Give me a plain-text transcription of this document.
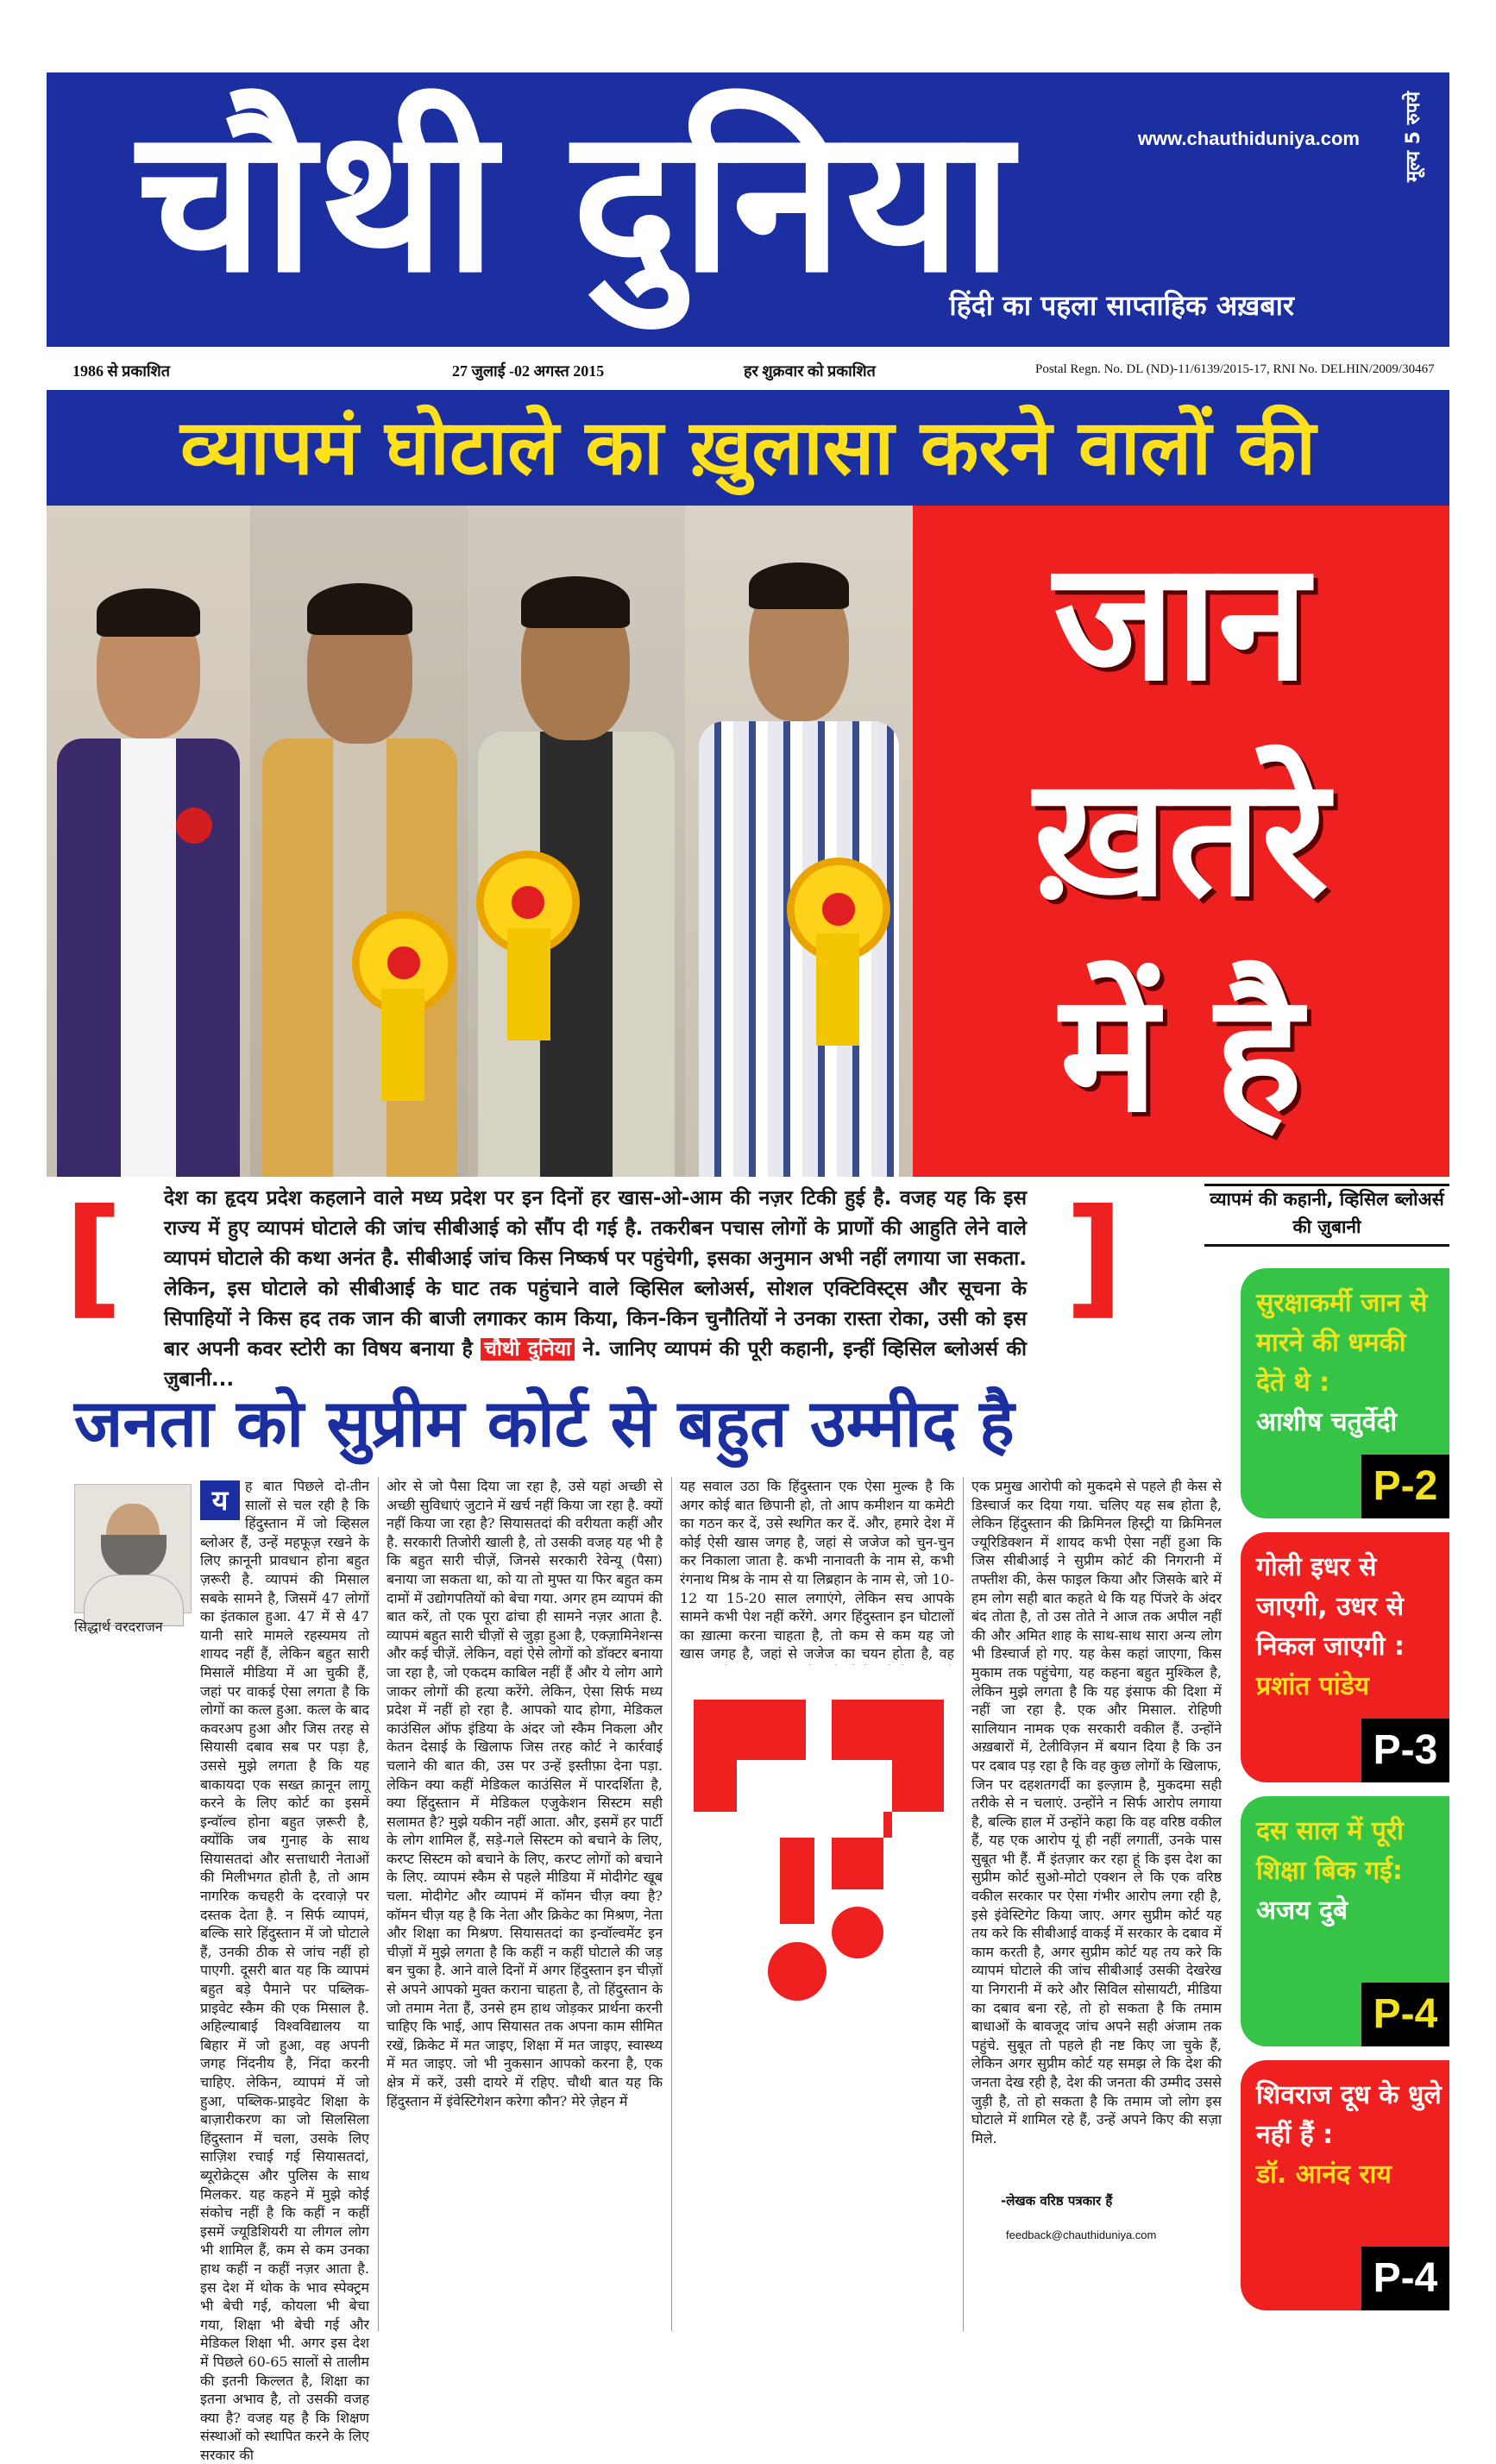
चौथी दुनिया	www.chauthiduniya.com मूल्य 5 रुपये
हिंदी का पहला साप्ताहिक अख़बार
1986 से प्रकाशित	27 जुलाई -02 अगस्त 2015	हर शुक्रवार को प्रकाशित	Postal Regn. No. DL (ND)-11/6139/2015-17, RNI No. DELHIN/2009/30467
व्यापमं घोटाले का ख़ुलासा करने वालों की
जान
ख़तरे
में है
[	]
देश का हृदय प्रदेश कहलाने वाले मध्य प्रदेश पर इन दिनों हर खास-ओ-आम की नज़र टिकी हुई है. वजह यह कि इस राज्य में हुए व्यापमं घोटाले की जांच सीबीआई को सौंप दी गई है. तकरीबन पचास लोगों के प्राणों की आहुति लेने वाले व्यापमं घोटाले की कथा अनंत है. सीबीआई जांच किस निष्कर्ष पर पहुंचेगी, इसका अनुमान अभी नहीं लगाया जा सकता. लेकिन, इस घोटाले को सीबीआई के घाट तक पहुंचाने वाले व्हिसिल ब्लोअर्स, सोशल एक्टिविस्ट्स और सूचना के सिपाहियों ने किस हद तक जान की बाजी लगाकर काम किया, किन-किन चुनौतियों ने उनका रास्ता रोका, उसी को इस बार अपनी कवर स्टोरी का विषय बनाया है चौथी दुनिया ने. जानिए व्यापमं की पूरी कहानी, इन्हीं व्हिसिल ब्लोअर्स की ज़ुबानी...
जनता को सुप्रीम कोर्ट से बहुत उम्मीद है
व्यापमं की कहानी, व्हिसिल ब्लोअर्स की ज़ुबानी
सुरक्षाकर्मी जान से मारने की धमकी देते थे :
आशीष चतुर्वेदी
P-2
गोली इधर से जाएगी, उधर से निकल जाएगी :
प्रशांत पांडेय
P-3
दस साल में पूरी शिक्षा बिक गई:
अजय दुबे
P-4
शिवराज दूध के धुले नहीं हैं :
डॉ. आनंद राय
P-4
सिद्धार्थ वरदराजन
य	ह बात पिछले दो-तीन सालों से चल रही है कि हिंदुस्तान में जो व्हिसल ब्लोअर हैं, उन्हें महफूज़ रखने के लिए क़ानूनी प्रावधान होना बहुत ज़रूरी है. व्यापमं की मिसाल सबके सामने है, जिसमें 47 लोगों का इंतकाल हुआ. 47 में से 47 यानी सारे मामले रहस्यमय तो शायद नहीं हैं, लेकिन बहुत सारी मिसालें मीडिया में आ चुकी हैं, जहां पर वाकई ऐसा लगता है कि लोगों का कत्ल हुआ. कत्ल के बाद कवरअप हुआ और जिस तरह से सियासी दबाव सब पर पड़ा है, उससे मुझे लगता है कि यह बाकायदा एक सख्त क़ानून लागू करने के लिए कोर्ट का इसमें इन्वॉल्व होना बहुत ज़रूरी है, क्योंकि जब गुनाह के साथ सियासतदां और सत्ताधारी नेताओं की मिलीभगत होती है, तो आम नागरिक कचहरी के दरवाज़े पर दस्तक देता है. न सिर्फ व्यापमं, बल्कि सारे हिंदुस्तान में जो घोटाले हैं, उनकी ठीक से जांच नहीं हो पाएगी. दूसरी बात यह कि व्यापमं बहुत बड़े पैमाने पर पब्लिक-प्राइवेट स्कैम की एक मिसाल है. अहिल्याबाई विश्वविद्यालय या बिहार में जो हुआ, वह अपनी जगह निंदनीय है, निंदा करनी चाहिए. लेकिन, व्यापमं में जो हुआ, पब्लिक-प्राइवेट शिक्षा के बाज़ारीकरण का जो सिलसिला हिंदुस्तान में चला, उसके लिए साज़िश रचाई गई सियासतदां, ब्यूरोक्रेट्स और पुलिस के साथ मिलकर. यह कहने में मुझे कोई संकोच नहीं है कि कहीं न कहीं इसमें ज्यूडिशियरी या लीगल लोग भी शामिल हैं, कम से कम उनका हाथ कहीं न कहीं नज़र आता है. इस देश में थोक के भाव स्पेक्ट्रम भी बेची गई, कोयला भी बेचा गया, शिक्षा भी बेची गई और मेडिकल शिक्षा भी. अगर इस देश में पिछले 60-65 सालों से तालीम की इतनी किल्लत है, शिक्षा का इतना अभाव है, तो उसकी वजह क्या है? वजह यह है कि शिक्षण संस्थाओं को स्थापित करने के लिए सरकार की

ओर से जो पैसा दिया जा रहा है, उसे यहां अच्छी से अच्छी सुविधाएं जुटाने में खर्च नहीं किया जा रहा है. क्यों नहीं किया जा रहा है? सियासतदां की वरीयता कहीं और है. सरकारी तिजोरी खाली है, तो उसकी वजह यह भी है कि बहुत सारी चीज़ें, जिनसे सरकारी रेवेन्यू (पैसा) बनाया जा सकता था, को या तो मुफ्त या फिर बहुत कम दामों में उद्योगपतियों को बेचा गया. अगर हम व्यापमं की बात करें, तो एक पूरा ढांचा ही सामने नज़र आता है. व्यापमं बहुत सारी चीज़ों से जुड़ा हुआ है, एक्ज़ामिनेशन्स और कई चीज़ें. लेकिन, वहां ऐसे लोगों को डॉक्टर बनाया जा रहा है, जो एकदम काबिल नहीं हैं और ये लोग आगे जाकर लोगों की हत्या करेंगे. लेकिन, ऐसा सिर्फ मध्य प्रदेश में नहीं हो रहा है. आपको याद होगा, मेडिकल काउंसिल ऑफ इंडिया के अंदर जो स्कैम निकला और केतन देसाई के खिलाफ जिस तरह कोर्ट ने कार्रवाई चलाने की बात की, उस पर उन्हें इस्तीफ़ा देना पड़ा. लेकिन क्या कहीं मेडिकल काउंसिल में पारदर्शिता है, क्या हिंदुस्तान में मेडिकल एजुकेशन सिस्टम सही सलामत है? मुझे यकीन नहीं आता. और, इसमें हर पार्टी के लोग शामिल हैं, सड़े-गले सिस्टम को बचाने के लिए, करप्ट सिस्टम को बचाने के लिए, करप्ट लोगों को बचाने के लिए. व्यापमं स्कैम से पहले मीडिया में मोदीगेट खूब चला. मोदीगेट और व्यापमं में कॉमन चीज़ क्या है? कॉमन चीज़ यह है कि नेता और क्रिकेट का मिश्रण, नेता और शिक्षा का मिश्रण. सियासतदां का इन्वॉल्वमेंट इन चीज़ों में मुझे लगता है कि कहीं न कहीं घोटाले की जड़ बन चुका है. आने वाले दिनों में अगर हिंदुस्तान इन चीज़ों से अपने आपको मुक्त कराना चाहता है, तो हिंदुस्तान के जो तमाम नेता हैं, उनसे हम हाथ जोड़कर प्रार्थना करनी चाहिए कि भाई, आप सियासत तक अपना काम सीमित रखें, क्रिकेट में मत जाइए, शिक्षा में मत जाइए, स्वास्थ्य में मत जाइए. जो भी नुकसान आपको करना है, एक क्षेत्र में करें, उसी दायरे में रहिए. चौथी बात यह कि हिंदुस्तान में इंवेस्टिगेशन करेगा कौन? मेरे ज़ेहन में

यह सवाल उठा कि हिंदुस्तान एक ऐसा मुल्क है कि अगर कोई बात छिपानी हो, तो आप कमीशन या कमेटी का गठन कर दें, उसे स्थगित कर दें. और, हमारे देश में कोई ऐसी खास जगह है, जहां से जजेज को चुन-चुन कर निकाला जाता है. कभी नानावती के नाम से, कभी रंगनाथ मिश्र के नाम से या लिब्रहान के नाम से, जो 10-12 या 15-20 साल लगाएंगे, लेकिन सच आपके सामने कभी पेश नहीं करेंगे. अगर हिंदुस्तान इन घोटालों का ख़ात्मा करना चाहता है, तो कम से कम यह जो खास जगह है, जहां से जजेज का चयन होता है, वह

एक प्रमुख आरोपी को मुकदमे से पहले ही केस से डिस्चार्ज कर दिया गया. चलिए यह सब होता है, लेकिन हिंदुस्तान की क्रिमिनल हिस्ट्री या क्रिमिनल ज्यूरिडिक्शन में शायद कभी ऐसा नहीं हुआ कि जिस सीबीआई ने सुप्रीम कोर्ट की निगरानी में तफ्तीश की, केस फाइल किया और जिसके बारे में हम लोग सही बात कहते थे कि यह पिंजरे के अंदर बंद तोता है, तो उस तोते ने आज तक अपील नहीं की और अमित शाह के साथ-साथ सारा अन्य लोग भी डिस्चार्ज हो गए. यह केस कहां जाएगा, किस मुकाम तक पहुंचेगा, यह कहना बहुत मुश्किल है, लेकिन मुझे लगता है कि यह इंसाफ की दिशा में नहीं जा रहा है. एक और मिसाल. रोहिणी सालियान नामक एक सरकारी वकील हैं. उन्होंने अख़बारों में, टेलीविज़न में बयान दिया है कि उन पर दबाव पड़ रहा है कि वह कुछ लोगों के खिलाफ, जिन पर दहशतगर्दी का इल्ज़ाम है, मुकदमा सही तरीके से न चलाएं. उन्होंने न सिर्फ आरोप लगाया है, बल्कि हाल में उन्होंने कहा कि वह वरिष्ठ वकील हैं, यह एक आरोप यूं ही नहीं लगातीं, उनके पास सुबूत भी हैं. मैं इंतज़ार कर रहा हूं कि इस देश का सुप्रीम कोर्ट सुओ-मोटो एक्शन ले कि एक वरिष्ठ वकील सरकार पर ऐसा गंभीर आरोप लगा रही है, इसे इंवेस्टिगेट किया जाए. अगर सुप्रीम कोर्ट यह तय करे कि सीबीआई वाकई में सरकार के दबाव में काम करती है, अगर सुप्रीम कोर्ट यह तय करे कि व्यापमं घोटाले की जांच सीबीआई उसकी देखरेख या निगरानी में करे और सिविल सोसायटी, मीडिया का दबाव बना रहे, तो हो सकता है कि तमाम बाधाओं के बावजूद जांच अपने सही अंजाम तक पहुंचे. सुबूत तो पहले ही नष्ट किए जा चुके हैं, लेकिन अगर सुप्रीम कोर्ट यह समझ ले कि देश की जनता देख रही है, देश की जनता की उम्मीद उससे जुड़ी है, तो हो सकता है कि तमाम जो लोग इस घोटाले में शामिल रहे हैं, उन्हें अपने किए की सज़ा मिले.

-लेखक वरिष्ठ पत्रकार हैं
feedback@chauthiduniya.com
